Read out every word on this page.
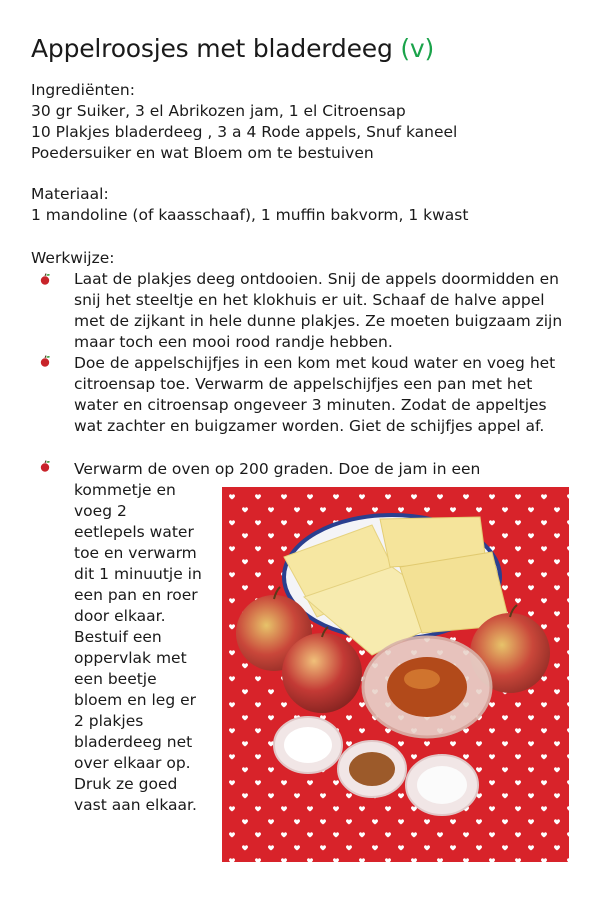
Appelroosjes met bladerdeeg (v)

Ingrediënten:

30 gr Suiker, 3 el Abrikozen jam, 1 el Citroensap

10 Plakjes bladerdeeg , 3 a 4 Rode appels, Snuf kaneel

Poedersuiker en wat Bloem om te bestuiven

Materiaal:

1 mandoline (of kaasschaaf), 1 muffin bakvorm, 1 kwast

Werkwijze:

Laat de plakjes deeg ontdooien. Snij de appels doormidden en snij het steeltje en het klokhuis er uit. Schaaf de halve appel met de zijkant in hele dunne plakjes. Ze moeten buigzaam zijn maar toch een mooi rood randje hebben.

Doe de appelschijfjes in een kom met koud water en voeg het citroensap toe. Verwarm de appelschijfjes een pan met het water en citroensap ongeveer 3 minuten. Zodat de appeltjes wat zachter en buigzamer worden. Giet de schijfjes appel af.

Verwarm de oven op 200 graden. Doe de jam in een

kommetje en voeg 2 eetlepels water toe en verwarm dit 1 minuutje in een pan en roer door elkaar. Bestuif een oppervlak met een beetje bloem en leg er 2 plakjes bladerdeeg net over elkaar op. Druk ze goed vast aan elkaar.
